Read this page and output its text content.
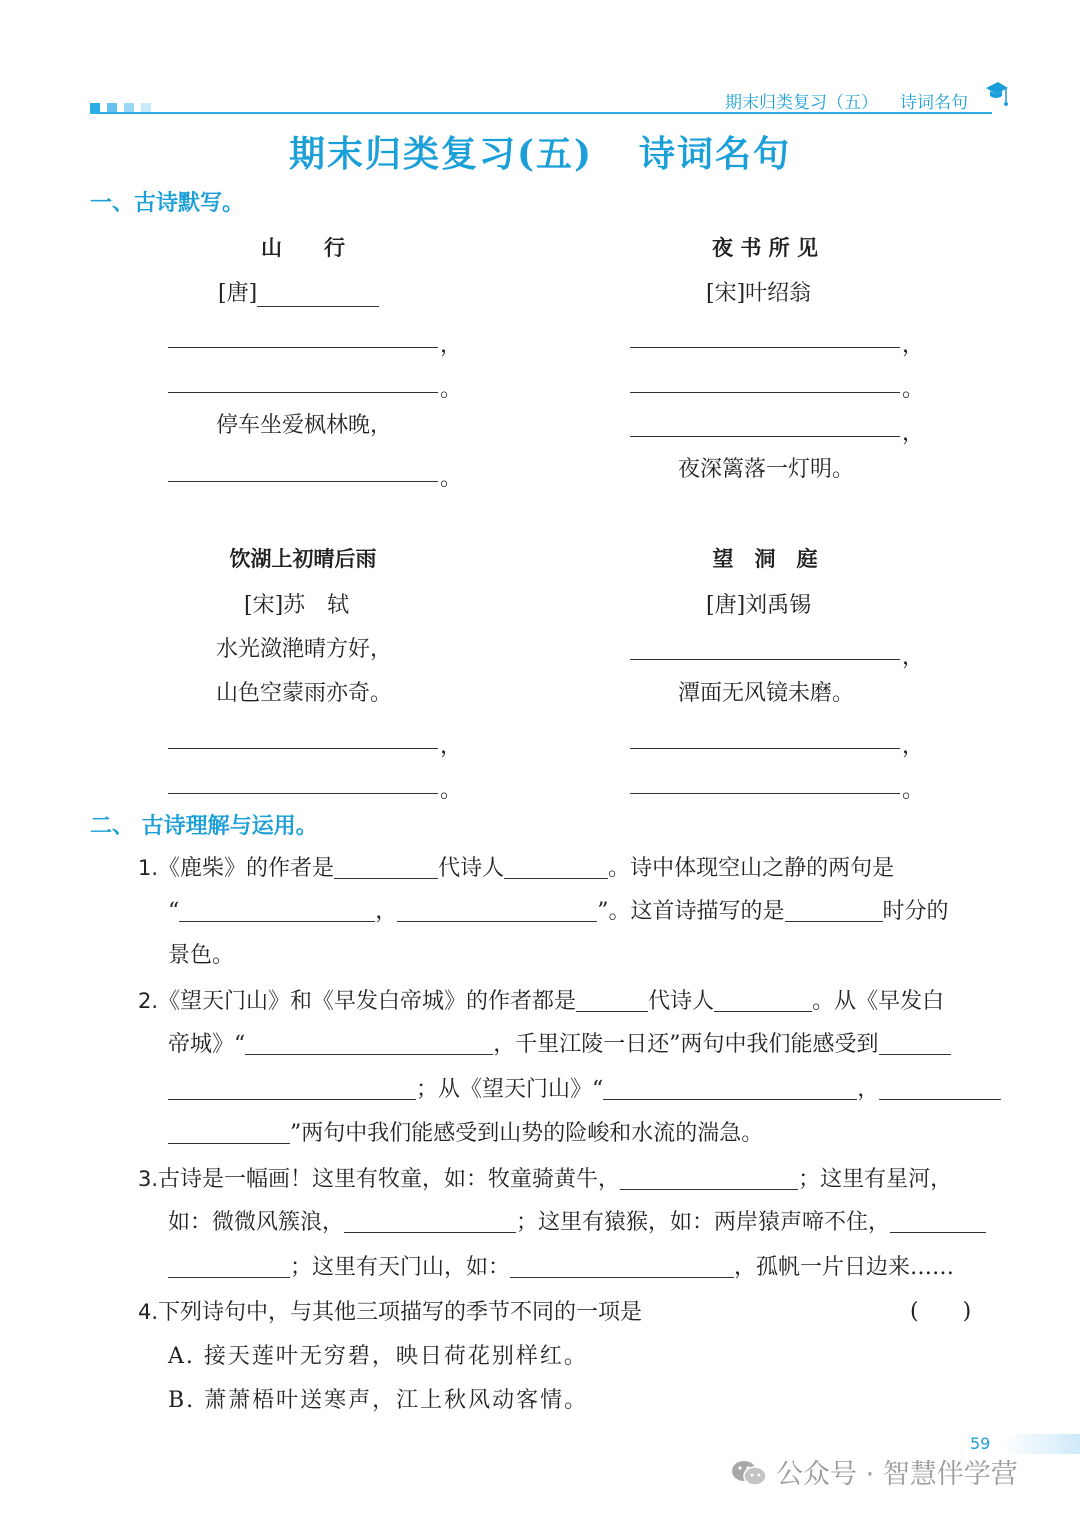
期末归类复习（五） 诗词名句
期末归类复习(五) 诗词名句
一、古诗默写。
山　　行
[唐]
，
。
停车坐爱枫林晚，
。
夜 书 所 见
[宋]叶绍翁
，
。
，
夜深篱落一灯明。
饮湖上初晴后雨
[宋]苏　轼
水光潋滟晴方好，
山色空蒙雨亦奇。
，
。
望　洞　庭
[唐]刘禹锡
，
潭面无风镜未磨。
，
。
二、 古诗理解与运用。
1.《鹿柴》的作者是	代诗人	。诗中体现空山之静的两句是
“	，	”。这首诗描写的是	时分的
景色。
2.《望天门山》和《早发白帝城》的作者都是	代诗人	。从《早发白
帝城》“	，千里江陵一日还”两句中我们能感受到
；从《望天门山》“	，
”两句中我们能感受到山势的险峻和水流的湍急。
3.古诗是一幅画！这里有牧童，如：牧童骑黄牛，	；这里有星河，
如：微微风簇浪，	；这里有猿猴，如：两岸猿声啼不住，
；这里有天门山，如：	，孤帆一片日边来……
4.下列诗句中，与其他三项描写的季节不同的一项是	(　　)
A. 接天莲叶无穷碧，映日荷花别样红。
B. 萧萧梧叶送寒声，江上秋风动客情。
59
公众号 · 智慧伴学营
